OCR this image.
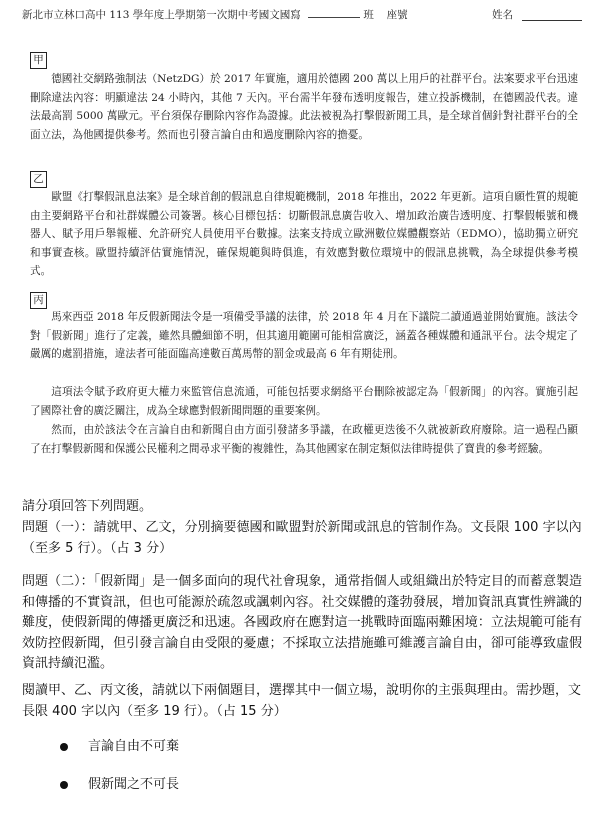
新北市立林口高中 113 學年度上學期第一次期中考國文國寫	班 座號	姓名
甲

德國社交網路強制法（NetzDG）於 2017 年實施，適用於德國 200 萬以上用戶的社群平台。法案要求平台迅速刪除違法內容：明顯違法 24 小時內，其他 7 天內。平台需半年發布透明度報告，建立投訴機制，在德國設代表。違法最高罰 5000 萬歐元。平台須保存刪除內容作為證據。此法被視為打擊假新聞工具，是全球首個針對社群平台的全面立法，為他國提供參考。然而也引發言論自由和過度刪除內容的擔憂。

乙

歐盟《打擊假訊息法案》是全球首創的假訊息自律規範機制，2018 年推出，2022 年更新。這項自願性質的規範由主要網路平台和社群媒體公司簽署。核心目標包括：切斷假訊息廣告收入、增加政治廣告透明度、打擊假帳號和機器人、賦予用戶舉報權、允許研究人員使用平台數據。法案支持成立歐洲數位媒體觀察站（EDMO），協助獨立研究和事實查核。歐盟持續評估實施情況，確保規範與時俱進，有效應對數位環境中的假訊息挑戰，為全球提供參考模式。

丙

馬來西亞 2018 年反假新聞法令是一項備受爭議的法律，於 2018 年 4 月在下議院二讀通過並開始實施。該法令對「假新聞」進行了定義，雖然具體細節不明，但其適用範圍可能相當廣泛，涵蓋各種媒體和通訊平台。法令規定了嚴厲的處罰措施，違法者可能面臨高達數百萬馬幣的罰金或最高 6 年有期徒刑。

這項法令賦予政府更大權力來監管信息流通，可能包括要求網絡平台刪除被認定為「假新聞」的內容。實施引起了國際社會的廣泛關注，成為全球應對假新聞問題的重要案例。

然而，由於該法令在言論自由和新聞自由方面引發諸多爭議，在政權更迭後不久就被新政府廢除。這一過程凸顯了在打擊假新聞和保護公民權利之間尋求平衡的複雜性，為其他國家在制定類似法律時提供了寶貴的參考經驗。

請分項回答下列問題。

問題（一）：請就甲、乙文，分別摘要德國和歐盟對於新聞或訊息的管制作為。文長限 100 字以內（至多 5 行）。（占 3 分）

問題（二）：「假新聞」是一個多面向的現代社會現象，通常指個人或組織出於特定目的而蓄意製造和傳播的不實資訊，但也可能源於疏忽或諷刺內容。社交媒體的蓬勃發展，增加資訊真實性辨識的難度，使假新聞的傳播更廣泛和迅速。各國政府在應對這一挑戰時面臨兩難困境：立法規範可能有效防控假新聞，但引發言論自由受限的憂慮；不採取立法措施雖可維護言論自由，卻可能導致虛假資訊持續氾濫。

閱讀甲、乙、丙文後，請就以下兩個題目，選擇其中一個立場，說明你的主張與理由。需抄題，文長限 400 字以內（至多 19 行）。（占 15 分）

言論自由不可棄
假新聞之不可長
